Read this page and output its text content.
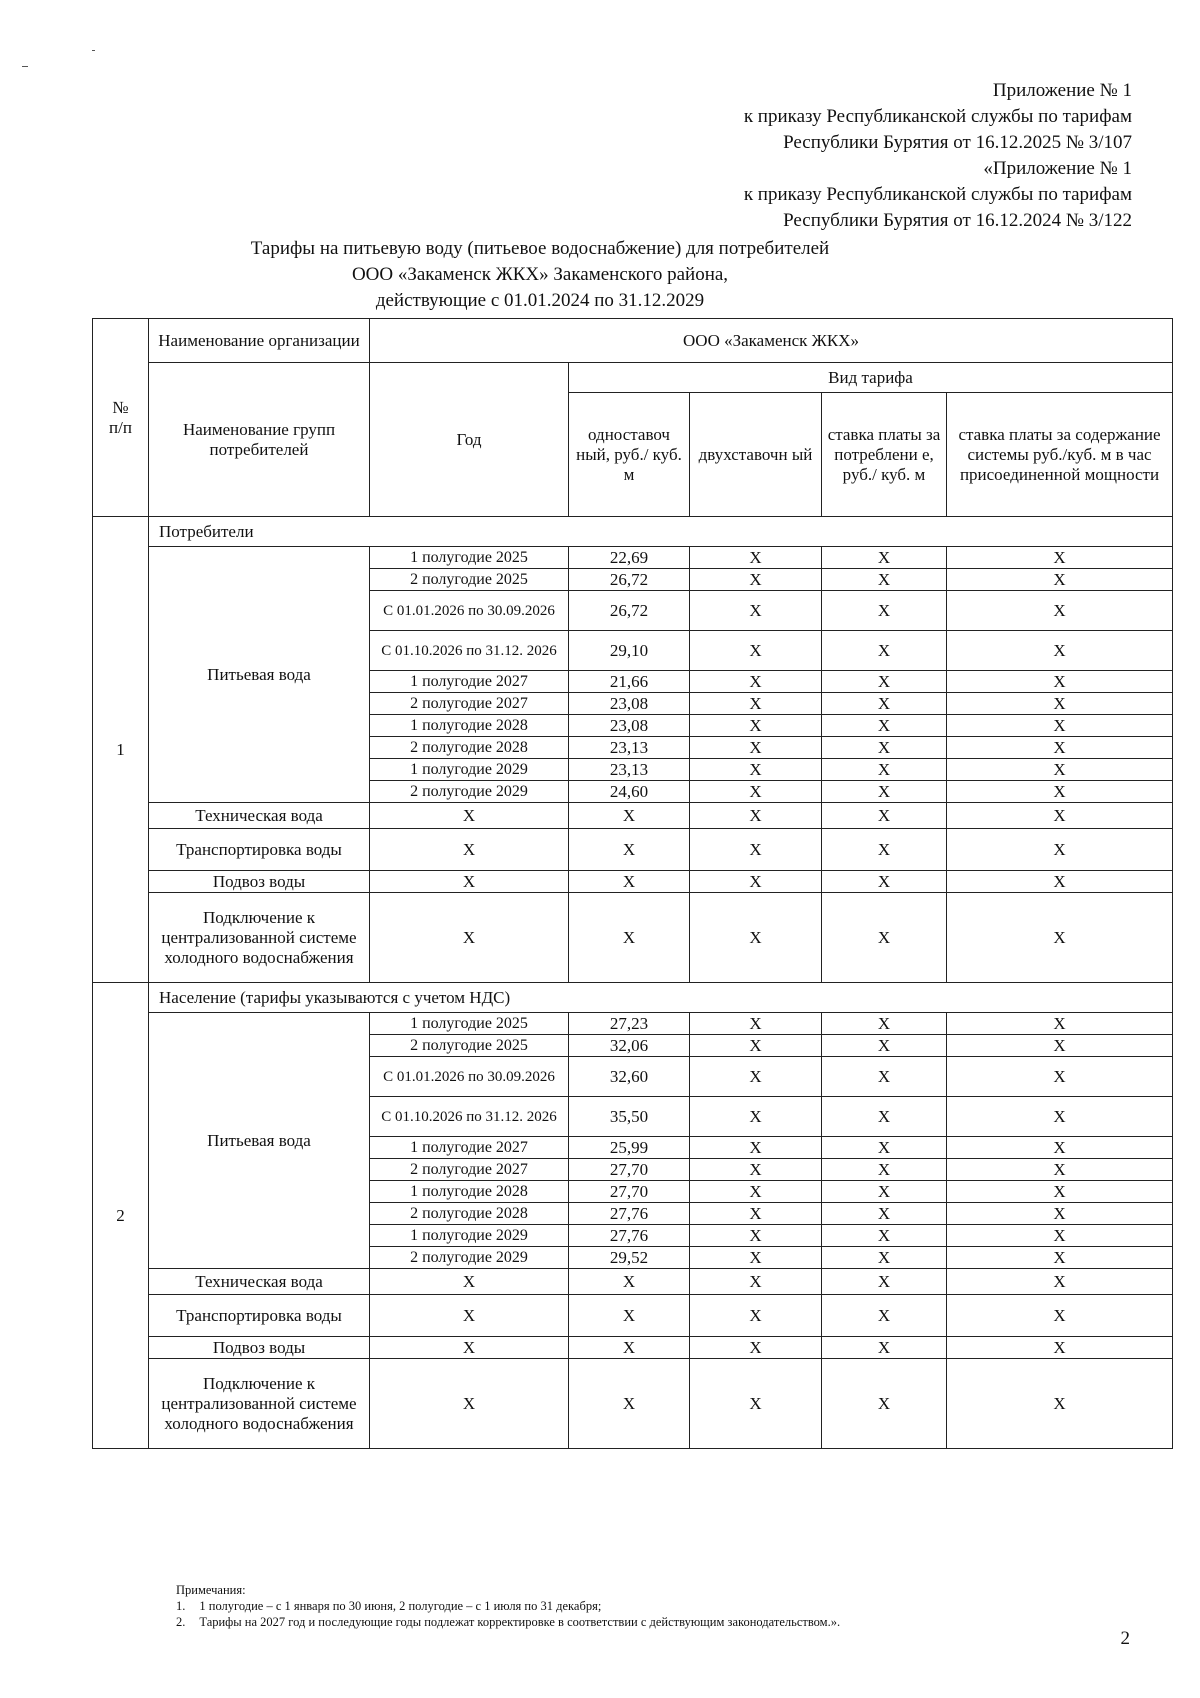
Приложение № 1
к приказу Республиканской службы по тарифам
Республики Бурятия от 16.12.2025 № 3/107
«Приложение № 1
к приказу Республиканской службы по тарифам
Республики Бурятия от 16.12.2024 № 3/122
Тарифы на питьевую воду (питьевое водоснабжение) для потребителей
ООО «Закаменск ЖКХ» Закаменского района,
действующие с 01.01.2024 по 31.12.2029
№
п/п	Наименование организации	ООО «Закаменск ЖКХ»				
	Наименование групп потребителей	Год	Вид тарифа			
			одноставоч ный, руб./ куб. м	двухставочн ый	ставка платы за потреблени е, руб./ куб. м	ставка платы за содержание системы руб./куб. м в час присоединенной мощности
1	Потребители					
	Питьевая вода	1 полугодие 2025	22,69	X	X	X
		2 полугодие 2025	26,72	X	X	X
		С 01.01.2026 по 30.09.2026	26,72	X	X	X
		С 01.10.2026 по 31.12. 2026	29,10	X	X	X
		1 полугодие 2027	21,66	X	X	X
		2 полугодие 2027	23,08	X	X	X
		1 полугодие 2028	23,08	X	X	X
		2 полугодие 2028	23,13	X	X	X
		1 полугодие 2029	23,13	X	X	X
		2 полугодие 2029	24,60	X	X	X
	Техническая вода	X	X	X	X	X
	Транспортировка воды	X	X	X	X	X
	Подвоз воды	X	X	X	X	X
	Подключение к централизованной системе холодного водоснабжения	X	X	X	X	X
2	Население (тарифы указываются с учетом НДС)					
	Питьевая вода	1 полугодие 2025	27,23	X	X	X
		2 полугодие 2025	32,06	X	X	X
		С 01.01.2026 по 30.09.2026	32,60	X	X	X
		С 01.10.2026 по 31.12. 2026	35,50	X	X	X
		1 полугодие 2027	25,99	X	X	X
		2 полугодие 2027	27,70	X	X	X
		1 полугодие 2028	27,70	X	X	X
		2 полугодие 2028	27,76	X	X	X
		1 полугодие 2029	27,76	X	X	X
		2 полугодие 2029	29,52	X	X	X
	Техническая вода	X	X	X	X	X
	Транспортировка воды	X	X	X	X	X
	Подвоз воды	X	X	X	X	X
	Подключение к централизованной системе холодного водоснабжения	X	X	X	X	X
Примечания:
1. 1 полугодие – с 1 января по 30 июня, 2 полугодие – с 1 июля по 31 декабря;
2. Тарифы на 2027 год и последующие годы подлежат корректировке в соответствии с действующим законодательством.».
2
